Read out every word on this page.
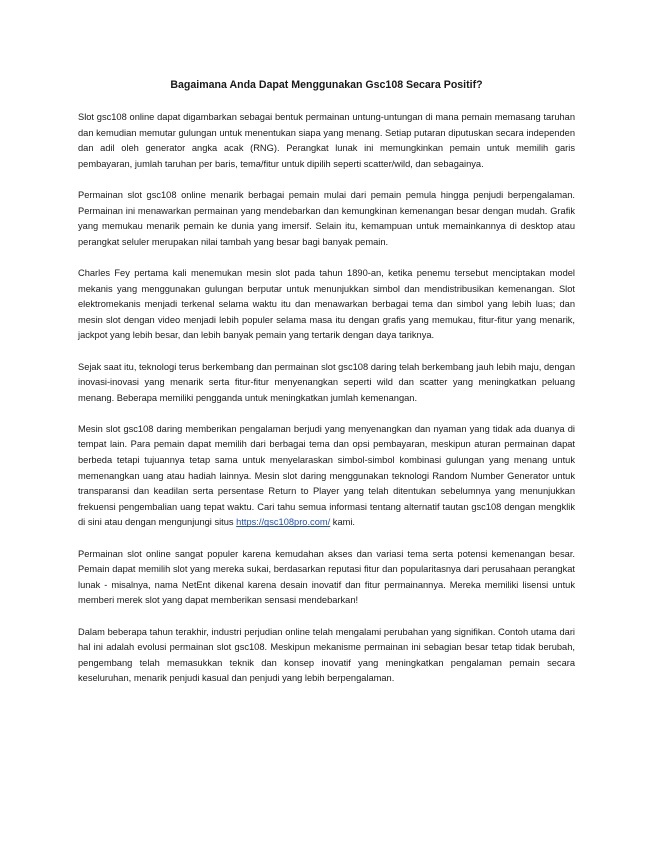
Bagaimana Anda Dapat Menggunakan Gsc108 Secara Positif?

Slot gsc108 online dapat digambarkan sebagai bentuk permainan untung-untungan di mana pemain memasang taruhan dan kemudian memutar gulungan untuk menentukan siapa yang menang. Setiap putaran diputuskan secara independen dan adil oleh generator angka acak (RNG). Perangkat lunak ini memungkinkan pemain untuk memilih garis pembayaran, jumlah taruhan per baris, tema/fitur untuk dipilih seperti scatter/wild, dan sebagainya.

Permainan slot gsc108 online menarik berbagai pemain mulai dari pemain pemula hingga penjudi berpengalaman. Permainan ini menawarkan permainan yang mendebarkan dan kemungkinan kemenangan besar dengan mudah. Grafik yang memukau menarik pemain ke dunia yang imersif. Selain itu, kemampuan untuk memainkannya di desktop atau perangkat seluler merupakan nilai tambah yang besar bagi banyak pemain.

Charles Fey pertama kali menemukan mesin slot pada tahun 1890-an, ketika penemu tersebut menciptakan model mekanis yang menggunakan gulungan berputar untuk menunjukkan simbol dan mendistribusikan kemenangan. Slot elektromekanis menjadi terkenal selama waktu itu dan menawarkan berbagai tema dan simbol yang lebih luas; dan mesin slot dengan video menjadi lebih populer selama masa itu dengan grafis yang memukau, fitur-fitur yang menarik, jackpot yang lebih besar, dan lebih banyak pemain yang tertarik dengan daya tariknya.

Sejak saat itu, teknologi terus berkembang dan permainan slot gsc108 daring telah berkembang jauh lebih maju, dengan inovasi-inovasi yang menarik serta fitur-fitur menyenangkan seperti wild dan scatter yang meningkatkan peluang menang. Beberapa memiliki pengganda untuk meningkatkan jumlah kemenangan.

Mesin slot gsc108 daring memberikan pengalaman berjudi yang menyenangkan dan nyaman yang tidak ada duanya di tempat lain. Para pemain dapat memilih dari berbagai tema dan opsi pembayaran, meskipun aturan permainan dapat berbeda tetapi tujuannya tetap sama untuk menyelaraskan simbol-simbol kombinasi gulungan yang menang untuk memenangkan uang atau hadiah lainnya. Mesin slot daring menggunakan teknologi Random Number Generator untuk transparansi dan keadilan serta persentase Return to Player yang telah ditentukan sebelumnya yang menunjukkan frekuensi pengembalian uang tepat waktu. Cari tahu semua informasi tentang alternatif tautan gsc108 dengan mengklik di sini atau dengan mengunjungi situs https://gsc108pro.com/ kami.

Permainan slot online sangat populer karena kemudahan akses dan variasi tema serta potensi kemenangan besar. Pemain dapat memilih slot yang mereka sukai, berdasarkan reputasi fitur dan popularitasnya dari perusahaan perangkat lunak - misalnya, nama NetEnt dikenal karena desain inovatif dan fitur permainannya. Mereka memiliki lisensi untuk memberi merek slot yang dapat memberikan sensasi mendebarkan!

Dalam beberapa tahun terakhir, industri perjudian online telah mengalami perubahan yang signifikan. Contoh utama dari hal ini adalah evolusi permainan slot gsc108. Meskipun mekanisme permainan ini sebagian besar tetap tidak berubah, pengembang telah memasukkan teknik dan konsep inovatif yang meningkatkan pengalaman pemain secara keseluruhan, menarik penjudi kasual dan penjudi yang lebih berpengalaman.
